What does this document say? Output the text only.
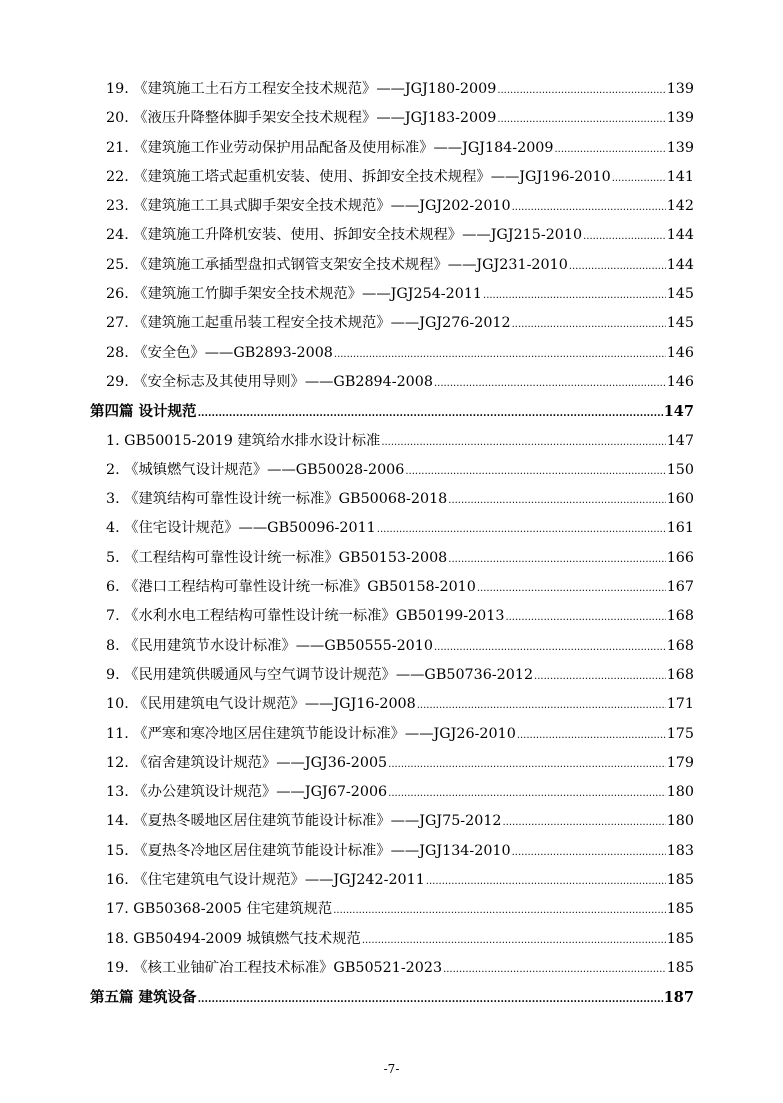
19. 《建筑施工土石方工程安全技术规范》——JGJ180-2009 .....	139
20. 《液压升降整体脚手架安全技术规程》——JGJ183-2009 .....	139
21. 《建筑施工作业劳动保护用品配备及使用标准》——JGJ184-2009 .....	139
22. 《建筑施工塔式起重机安装、使用、拆卸安全技术规程》——JGJ196-2010 .....	141
23. 《建筑施工工具式脚手架安全技术规范》——JGJ202-2010 .....	142
24. 《建筑施工升降机安装、使用、拆卸安全技术规程》——JGJ215-2010 .....	144
25. 《建筑施工承插型盘扣式钢管支架安全技术规程》——JGJ231-2010 .....	144
26. 《建筑施工竹脚手架安全技术规范》——JGJ254-2011 .....	145
27. 《建筑施工起重吊装工程安全技术规范》——JGJ276-2012 .....	145
28. 《安全色》——GB2893-2008 .....	146
29. 《安全标志及其使用导则》——GB2894-2008 .....	146
第四篇 设计规范 .....	147
1. GB50015-2019 建筑给水排水设计标准 .....	147
2. 《城镇燃气设计规范》——GB50028-2006 .....	150
3. 《建筑结构可靠性设计统一标准》GB50068-2018 .....	160
4. 《住宅设计规范》——GB50096-2011 .....	161
5. 《工程结构可靠性设计统一标准》GB50153-2008 .....	166
6. 《港口工程结构可靠性设计统一标准》GB50158-2010 .....	167
7. 《水利水电工程结构可靠性设计统一标准》GB50199-2013 .....	168
8. 《民用建筑节水设计标准》——GB50555-2010 .....	168
9. 《民用建筑供暖通风与空气调节设计规范》——GB50736-2012 .....	168
10. 《民用建筑电气设计规范》——JGJ16-2008 .....	171
11. 《严寒和寒冷地区居住建筑节能设计标准》——JGJ26-2010 .....	175
12. 《宿舍建筑设计规范》——JGJ36-2005 .....	179
13. 《办公建筑设计规范》——JGJ67-2006 .....	180
14. 《夏热冬暖地区居住建筑节能设计标准》——JGJ75-2012 .....	180
15. 《夏热冬冷地区居住建筑节能设计标准》——JGJ134-2010 .....	183
16. 《住宅建筑电气设计规范》——JGJ242-2011 .....	185
17. GB50368-2005 住宅建筑规范 .....	185
18. GB50494-2009 城镇燃气技术规范 .....	185
19. 《核工业铀矿冶工程技术标准》GB50521-2023 .....	185
第五篇 建筑设备 .....	187
-7-
